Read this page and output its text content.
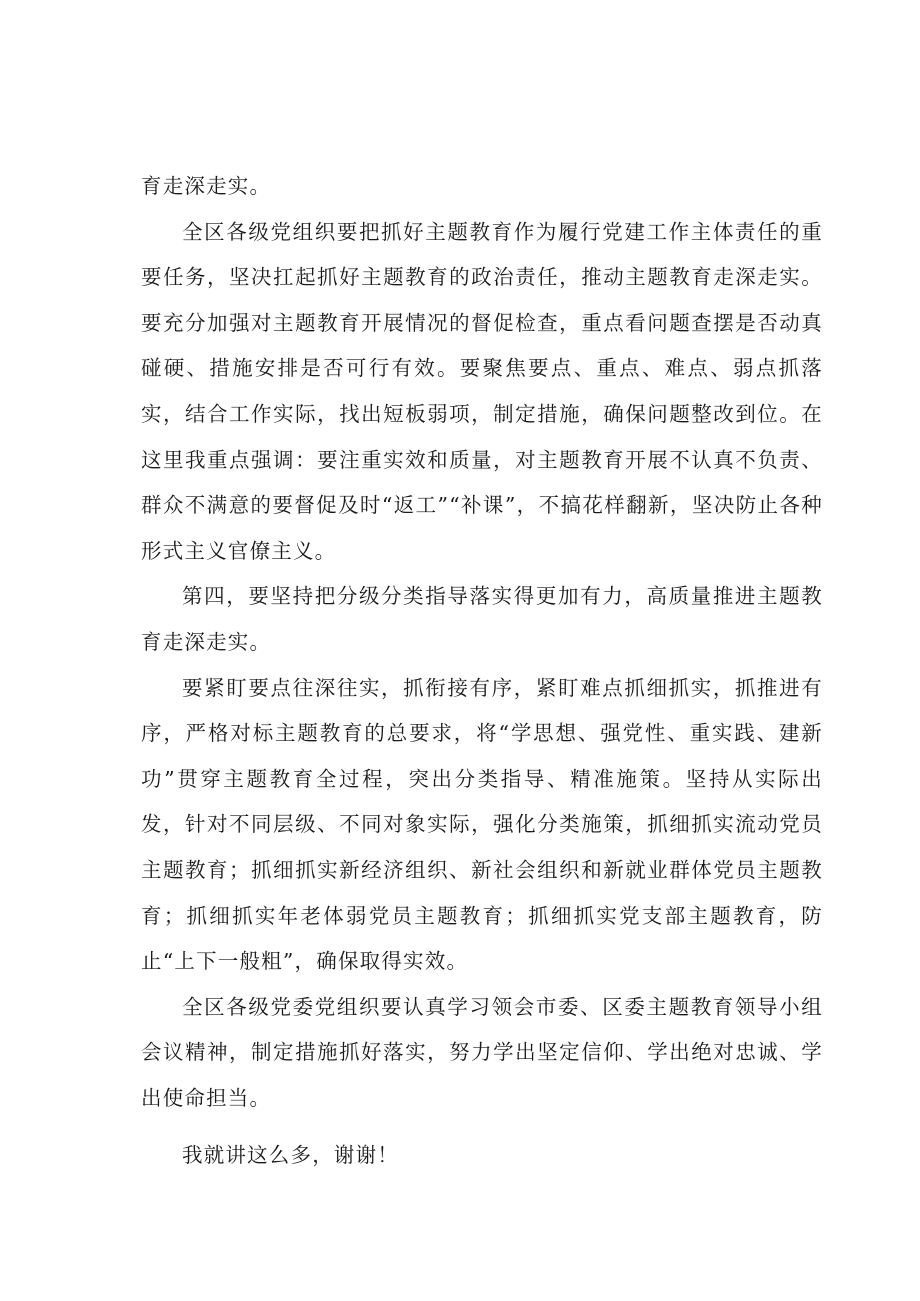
育走深走实。

全区各级党组织要把抓好主题教育作为履行党建工作主体责任的重要任务，坚决扛起抓好主题教育的政治责任，推动主题教育走深走实。要充分加强对主题教育开展情况的督促检查，重点看问题查摆是否动真碰硬、措施安排是否可行有效。要聚焦要点、重点、难点、弱点抓落实，结合工作实际，找出短板弱项，制定措施，确保问题整改到位。在这里我重点强调：要注重实效和质量，对主题教育开展不认真不负责、群众不满意的要督促及时“返工”“补课”，不搞花样翻新，坚决防止各种形式主义官僚主义。

第四，要坚持把分级分类指导落实得更加有力，高质量推进主题教育走深走实。

要紧盯要点往深往实，抓衔接有序，紧盯难点抓细抓实，抓推进有序，严格对标主题教育的总要求，将“学思想、强党性、重实践、建新功”贯穿主题教育全过程，突出分类指导、精准施策。坚持从实际出发，针对不同层级、不同对象实际，强化分类施策，抓细抓实流动党员主题教育；抓细抓实新经济组织、新社会组织和新就业群体党员主题教育；抓细抓实年老体弱党员主题教育；抓细抓实党支部主题教育，防止“上下一般粗”，确保取得实效。

全区各级党委党组织要认真学习领会市委、区委主题教育领导小组会议精神，制定措施抓好落实，努力学出坚定信仰、学出绝对忠诚、学出使命担当。

我就讲这么多，谢谢！
